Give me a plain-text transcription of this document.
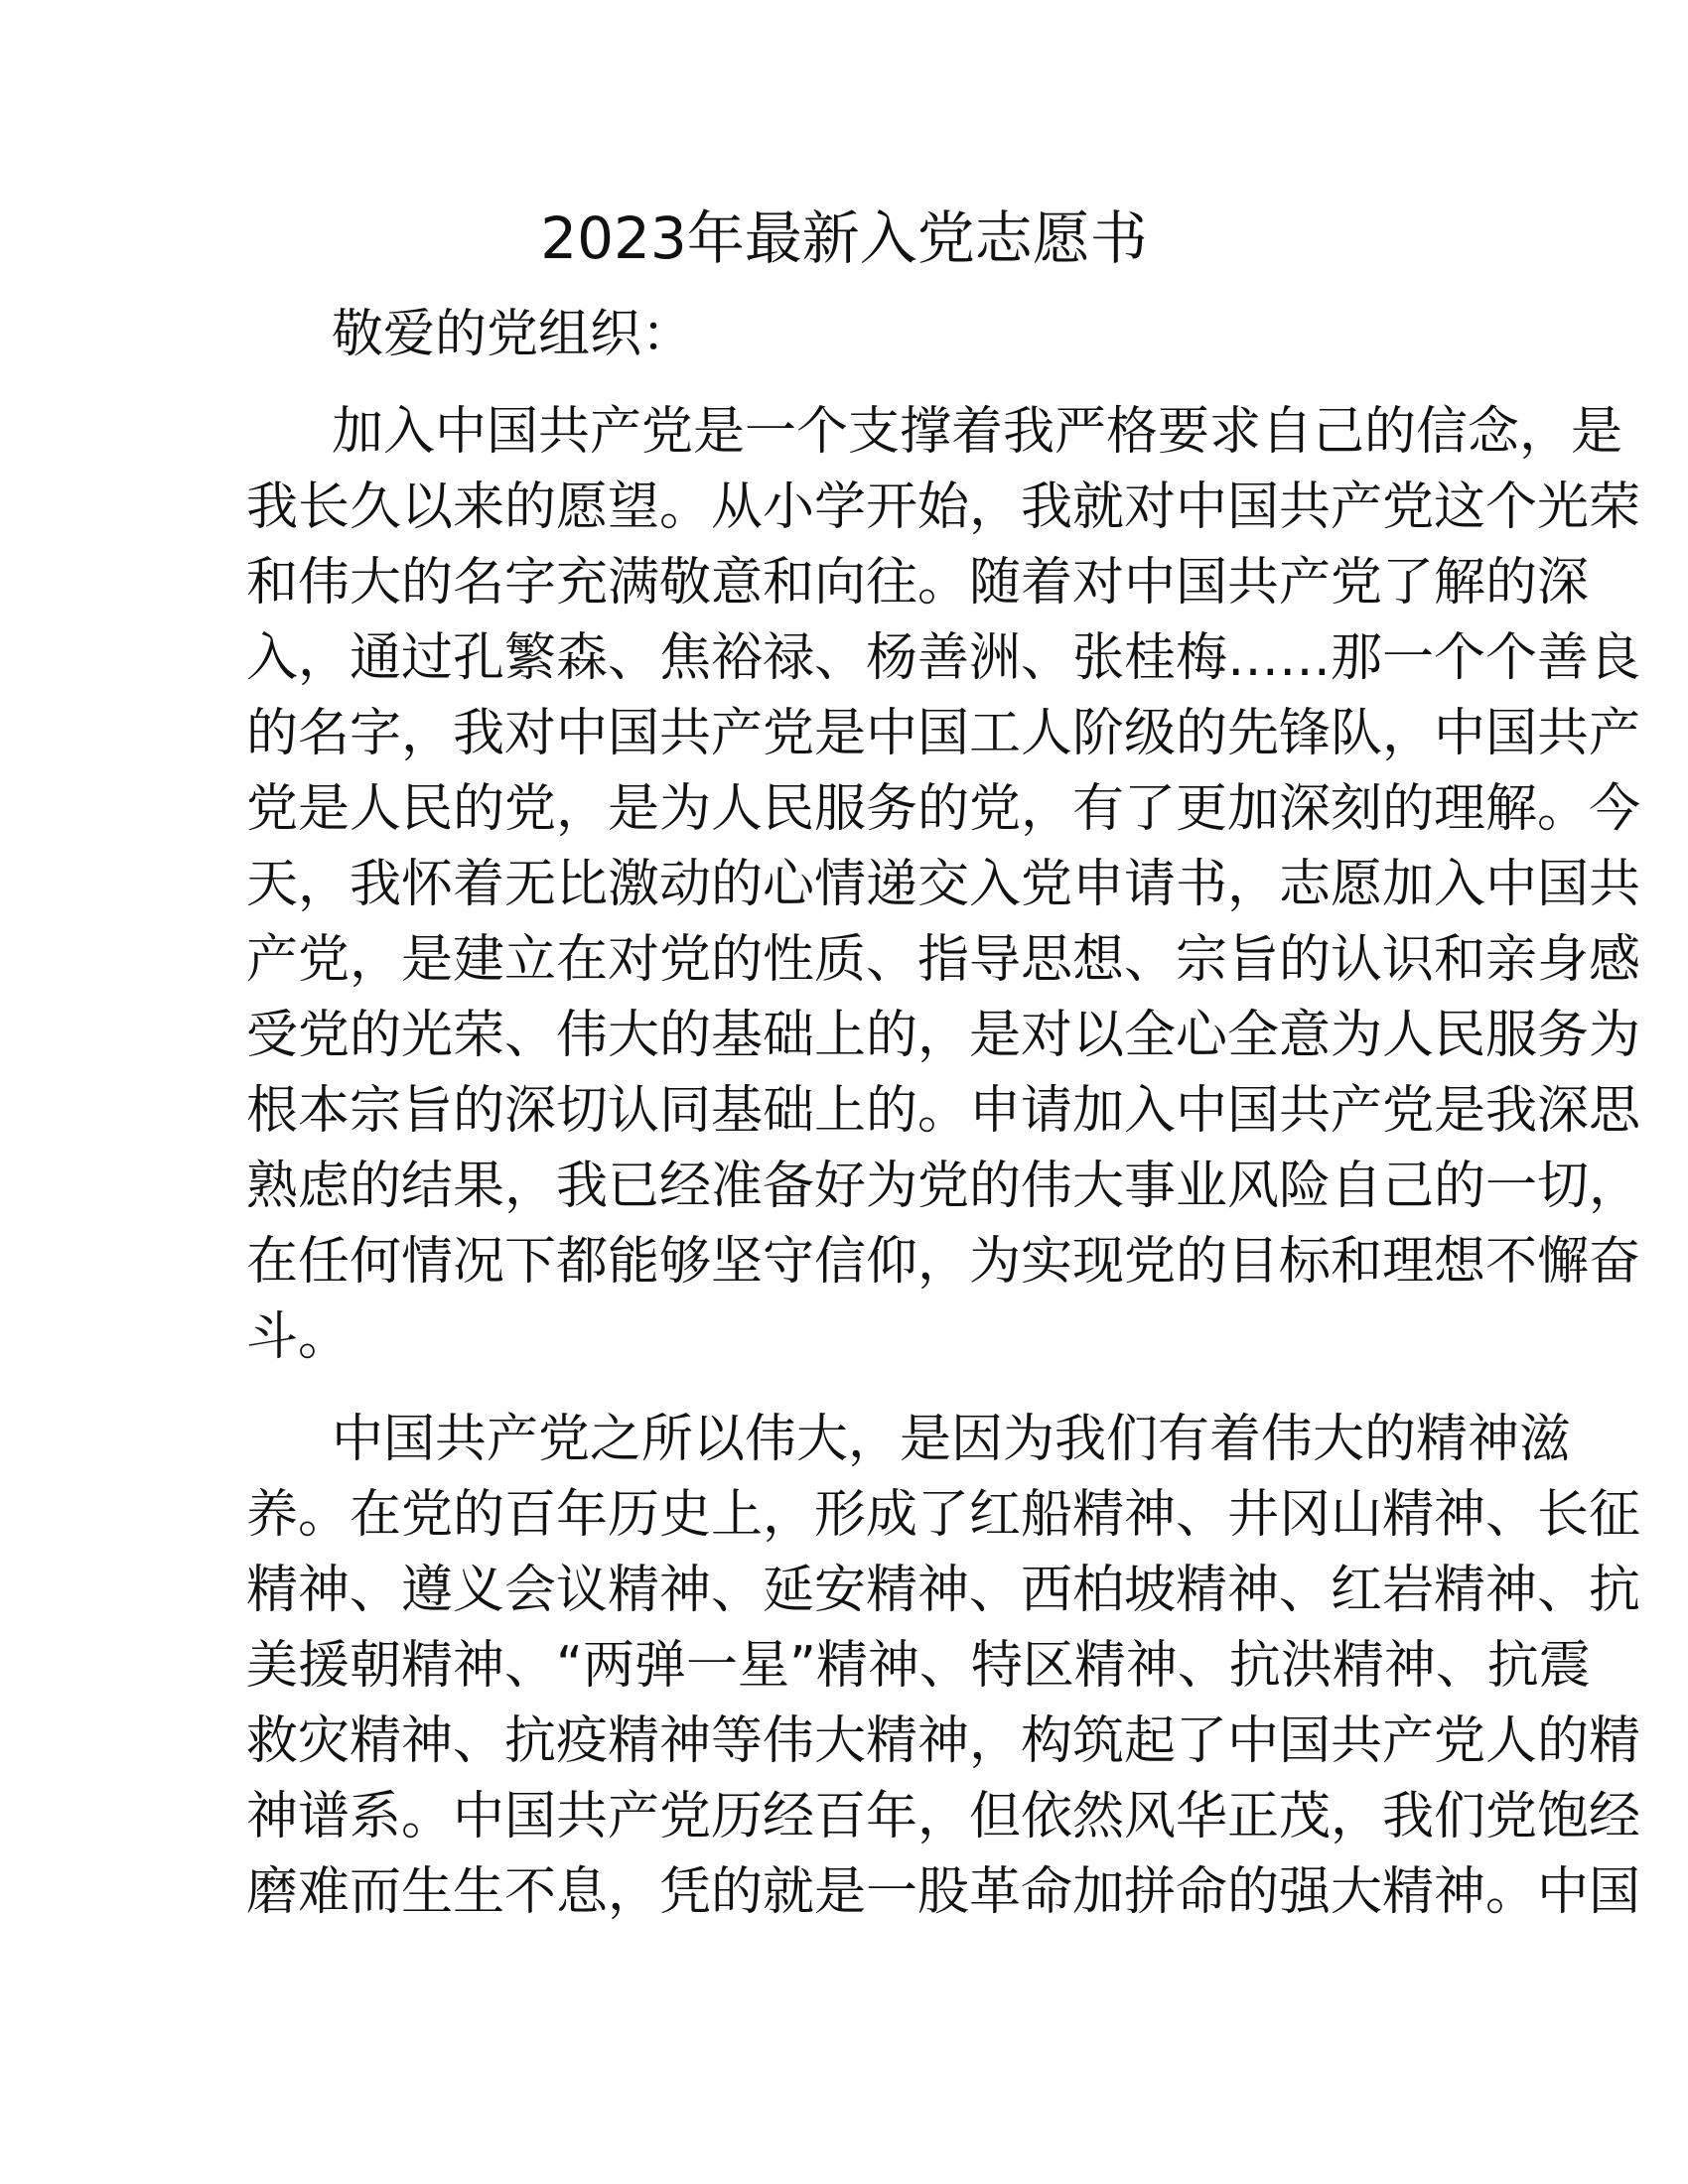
2023年最新入党志愿书
敬爱的党组织：
加入中国共产党是一个支撑着我严格要求自己的信念，是
我长久以来的愿望。从小学开始，我就对中国共产党这个光荣
和伟大的名字充满敬意和向往。随着对中国共产党了解的深
入，通过孔繁森、焦裕禄、杨善洲、张桂梅……那一个个善良
的名字，我对中国共产党是中国工人阶级的先锋队，中国共产
党是人民的党，是为人民服务的党，有了更加深刻的理解。今
天，我怀着无比激动的心情递交入党申请书，志愿加入中国共
产党，是建立在对党的性质、指导思想、宗旨的认识和亲身感
受党的光荣、伟大的基础上的，是对以全心全意为人民服务为
根本宗旨的深切认同基础上的。申请加入中国共产党是我深思
熟虑的结果，我已经准备好为党的伟大事业风险自己的一切，
在任何情况下都能够坚守信仰，为实现党的目标和理想不懈奋
斗。
中国共产党之所以伟大，是因为我们有着伟大的精神滋
养。在党的百年历史上，形成了红船精神、井冈山精神、长征
精神、遵义会议精神、延安精神、西柏坡精神、红岩精神、抗
美援朝精神、“两弹一星”精神、特区精神、抗洪精神、抗震
救灾精神、抗疫精神等伟大精神，构筑起了中国共产党人的精
神谱系。中国共产党历经百年，但依然风华正茂，我们党饱经
磨难而生生不息，凭的就是一股革命加拼命的强大精神。中国
